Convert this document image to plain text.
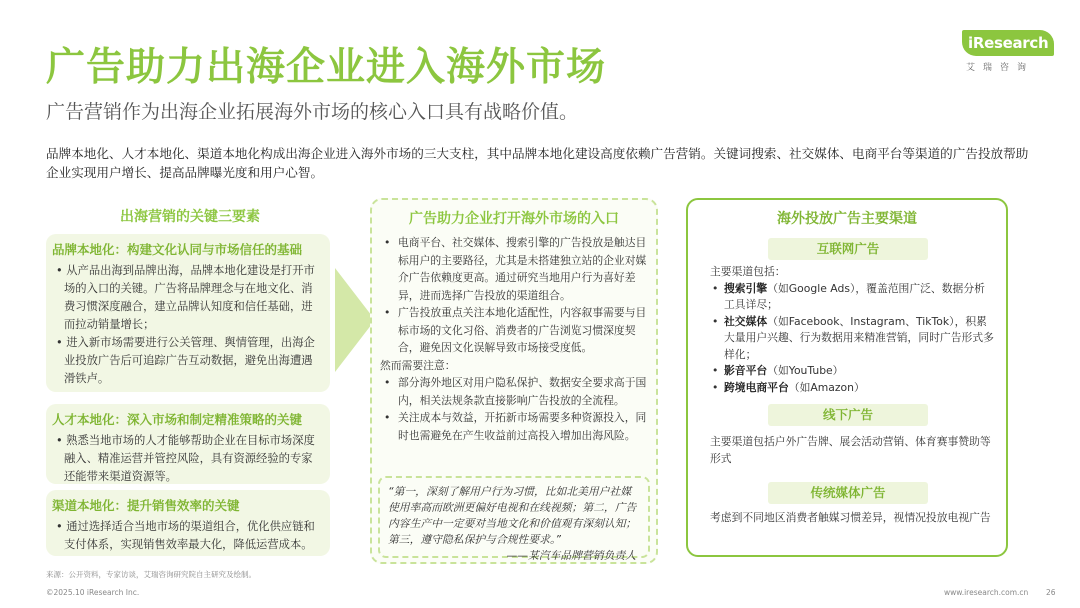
广告助力出海企业进入海外市场
广告营销作为出海企业拓展海外市场的核心入口具有战略价值。
iResearch
艾瑞咨询
品牌本地化、人才本地化、渠道本地化构成出海企业进入海外市场的三大支柱，其中品牌本地化建设高度依赖广告营销。关键词搜索、社交媒体、电商平台等渠道的广告投放帮助企业实现用户增长、提高品牌曝光度和用户心智。
出海营销的关键三要素
品牌本地化：构建文化认同与市场信任的基础
• 从产品出海到品牌出海，品牌本地化建设是打开市场的入口的关键。广告将品牌理念与在地文化、消费习惯深度融合，建立品牌认知度和信任基础，进而拉动销量增长；
• 进入新市场需要进行公关管理、舆情管理，出海企业投放广告后可追踪广告互动数据，避免出海遭遇滑铁卢。
人才本地化：深入市场和制定精准策略的关键
• 熟悉当地市场的人才能够帮助企业在目标市场深度融入、精准运营并管控风险，具有资源经验的专家还能带来渠道资源等。
渠道本地化：提升销售效率的关键
• 通过选择适合当地市场的渠道组合，优化供应链和支付体系，实现销售效率最大化，降低运营成本。
广告助力企业打开海外市场的入口
• 电商平台、社交媒体、搜索引擎的广告投放是触达目标用户的主要路径，尤其是未搭建独立站的企业对媒介广告依赖度更高。通过研究当地用户行为喜好差异，进而选择广告投放的渠道组合。
• 广告投放重点关注本地化适配性，内容叙事需要与目标市场的文化习俗、消费者的广告浏览习惯深度契合，避免因文化误解导致市场接受度低。
然而需要注意：
• 部分海外地区对用户隐私保护、数据安全要求高于国内，相关法规条款直接影响广告投放的全流程。
• 关注成本与效益，开拓新市场需要多种资源投入，同时也需避免在产生收益前过高投入增加出海风险。
“第一，深刻了解用户行为习惯，比如北美用户社媒使用率高而欧洲更偏好电视和在线视频；第二，广告内容生产中一定要对当地文化和价值观有深刻认知；第三，遵守隐私保护与合规性要求。”
——某汽车品牌营销负责人
海外投放广告主要渠道
互联网广告
主要渠道包括：
• 搜索引擎（如Google Ads），覆盖范围广泛、数据分析工具详尽；
• 社交媒体（如Facebook、Instagram、TikTok），积累大量用户兴趣、行为数据用来精准营销，同时广告形式多样化；
• 影音平台（如YouTube）
• 跨境电商平台（如Amazon）
线下广告
主要渠道包括户外广告牌、展会活动营销、体育赛事赞助等形式
传统媒体广告
考虑到不同地区消费者触媒习惯差异，视情况投放电视广告
来源：公开资料，专家访谈，艾瑞咨询研究院自主研究及绘制。
©2025.10 iResearch Inc.	www.iresearch.com.cn 26
